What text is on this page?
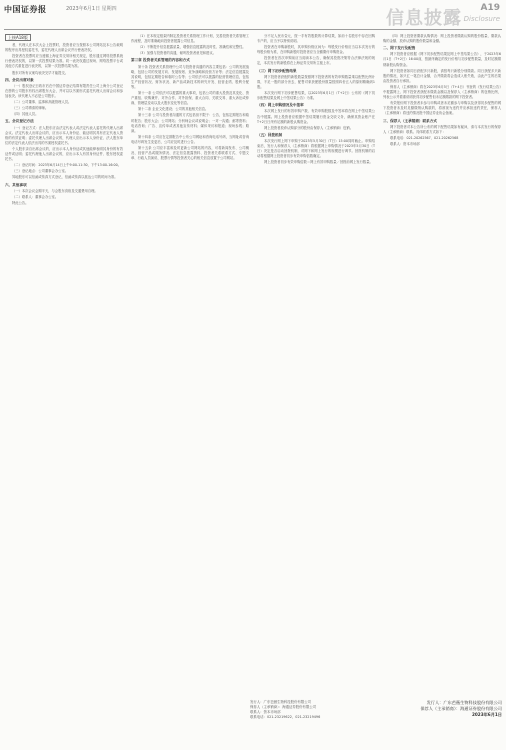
中国证券报	2023年6月1日 星期四	信息披露 A19
Disclosure
上接A18版

者，代理人在本次大会上投票时，投资者应当按照本公司网站及本公告载明的程序出具授权委托书，委托代理人出席会议并行使表决权。

投资者在投票时应当遵循上海证券交易所相关规定，股东通过网络投票系统行使表决权的，以第一次投票结果为准。同一表决权通过现场、网络投票平台或其他方式重复进行表决的，以第一次投票结果为准。

股东对所有议案均表决完毕才能提交。

四、会议出席对象

（一）股权登记日收市后在中国证券登记结算有限责任公司上海分公司登记在册的公司股东有权出席股东大会，并可以以书面形式委托代理人出席会议和参加表决。该代理人不必是公司股东。

（二）公司董事、监事和高级管理人员。

（三）公司聘请的律师。

（四）其他人员。

五、会议登记方法

（一）登记方式：法人股东应由法定代表人或法定代表人委托的代理人出席会议。法定代表人出席会议的，应出示本人身份证、能证明其具有法定代表人资格的有效证明；委托代理人出席会议的，代理人应出示本人身份证、法人股东单位的法定代表人依法出具的书面授权委托书。

个人股东亲自出席会议的，应出示本人身份证或其他能够表明其身份的有效证件或证明；委托代理他人出席会议的，应出示本人有效身份证件、股东授权委托书。

（二）登记时间：2023年6月14日上午9:00-11:30，下午13:00-16:00。

（三）登记地点：公司董事会办公室。

异地股东可以信函或传真方式登记，信函或传真以抵达公司的时间为准。

六、其他事项

（一）本次会议会期半天，与会股东食宿及交通费用自理。

（二）联系人：董事会办公室。

特此公告。

（1）在本规定框架内制定投资者关系管理工作计划，完善投资者关系管理工作流程，及时准确地向投资者披露公司信息。

（2）不断提升信息披露质量，增强信息披露的及时性、准确性和完整性。

（3）加强与投资者的沟通，倾听投资者意见和建议。

第三章 投资者关系管理的内容和方式

第十条 投资者关系管理中公司与投资者沟通的内容主要包括：公司的发展战略，包括公司的发展方向、发展规划、竞争战略和经营方针等；法定信息披露及其说明，包括定期报告和临时公告等；公司依法可以披露的经营管理信息，包括生产经营状况、财务状况、新产品或新技术的研究开发、经营业绩、股利分配等。

第十一条 公司依法可以披露的重大事项，包括公司的重大投资及其变化、资产重组、收购兼并、对外合作、对外担保、重大合同、关联交易、重大诉讼或仲裁、管理层变动以及大股东变化等信息。

第十二条 企业文化建设；公司的其他相关信息。

第十三条 公司与投资者沟通的方式包括但不限于：公告，包括定期报告和临时报告；股东大会；公司网站；分析师会议或说明会；一对一沟通；邮寄资料；电话咨询；广告、宣传单或者其他宣传材料；媒体采访和报道；现场参观；路演。

第十四条 公司应在定期报告中公布公司网址和咨询电话号码，当网址或咨询电话号码发生变更后，公司应及时进行公告。

第十五条 公司应丰富和及时更新公司网站的内容，可将新闻发布、公司概况、经营产品或服务情况、法定信息披露资料、投资者关系联系方式、专题文章、行政人员演说、股票行情等投资者关心的相关信息放置于公司网站。

分不足人民币壹元，按一手有效股数的计算结果，如前十名股东中存在回购专户的，应当予以特别说明。

投资者在申购新股时，其申购价格区间为：每股发行价格应当以本次发行的每股价格为准，在申购新股时投资者应当全额缴付申购资金。

投资者在首次申购前应当阅读本公告，确保其投资决策符合法律法规的规定，本次发行的新股将在上海证券交易所主板上市。

（三）网下初步配售结果

网下投资者获配的新股数量按照网下投资者的有效申购数量乘以配售比例计算，不足一股的部分舍去，配售对象获配股份数量按照四舍五入的原则精确到1股。

本次发行网下初步配售结果，以2023年6月1日（T+2日）公布的《网下初步配售结果及网上中签结果公告》为准。

（四）网上申购情况及中签率

本次网上发行的有效申购户数、有效申购股数及中签率将在网上中签结果公告中披露。网上投资者应根据中签结果履行资金交收义务，确保其资金账户在T+2日日终有足额的新股认购资金。

网上投资者放弃认购部分的股份由保荐人（主承销商）包销。

（五）回拨机制

本次发行网上网下申购于2023年5月30日（T日）15:00同时截止。申购结束后，发行人和保荐人（主承销商）将根据网上申购情况于2023年5月30日（T日）决定是否启动回拨机制，对网下和网上发行的规模进行调节。回拨机制的启动将根据网上投资者初步有效申购倍数确定。

网上投资者初步有效申购倍数＝网上有效申购数量／回拨前网上发行数量。

（四）网上投资者缴款认购情况：网上投资者缴款认购的股份数量、缴款认购的金额、放弃认购的股份数量和金额。

二、网下发行及配售

网下投资者应根据《网下初步配售结果及网上中签结果公告》，于2023年6月1日（T+2日）16:00前，按最终确定的发行价格与初步配售数量，及时足额缴纳新股认购资金。

网下投资者如同日获配多只新股，请按每只新股分别缴款。同日获配多只新股的情况，如只汇一笔总计金额，合并缴款将会造成入账失败，由此产生的后果由投资者自行承担。

保荐人（主承销商）将在2023年6月5日（T+4日）刊登的《发行结果公告》中披露网上、网下投资者获配未缴款金额以及保荐人（主承销商）的包销比例，列表公示并着重说明获得初步配售但未足额缴款的网下投资者。

有效报价网下投资者未参与申购或者未足额参与申购以及获得初步配售的网下投资者未及时足额缴纳认购款的，将被视为违约并应承担违约责任，保荐人（主承销商）将违约情况报中国证券业协会备案。

三、保荐人（主承销商）联系方式

网下投资者对本公告所公布的网下配售结果如有疑问，请与本次发行的保荐人（主承销商）联系。具体联系方式如下：

联系电话：021-20262567、021-20262568

联系人：资本市场部

发行人：广东芭薇生物科技股份有限公司
保荐人（主承销商）：海通证券股份有限公司
联系人：资本市场部
联系电话：021-23219622、021-23219496
发行人：广东芭薇生物科技股份有限公司
保荐人（主承销商）：海通证券股份有限公司
2023年6月1日
